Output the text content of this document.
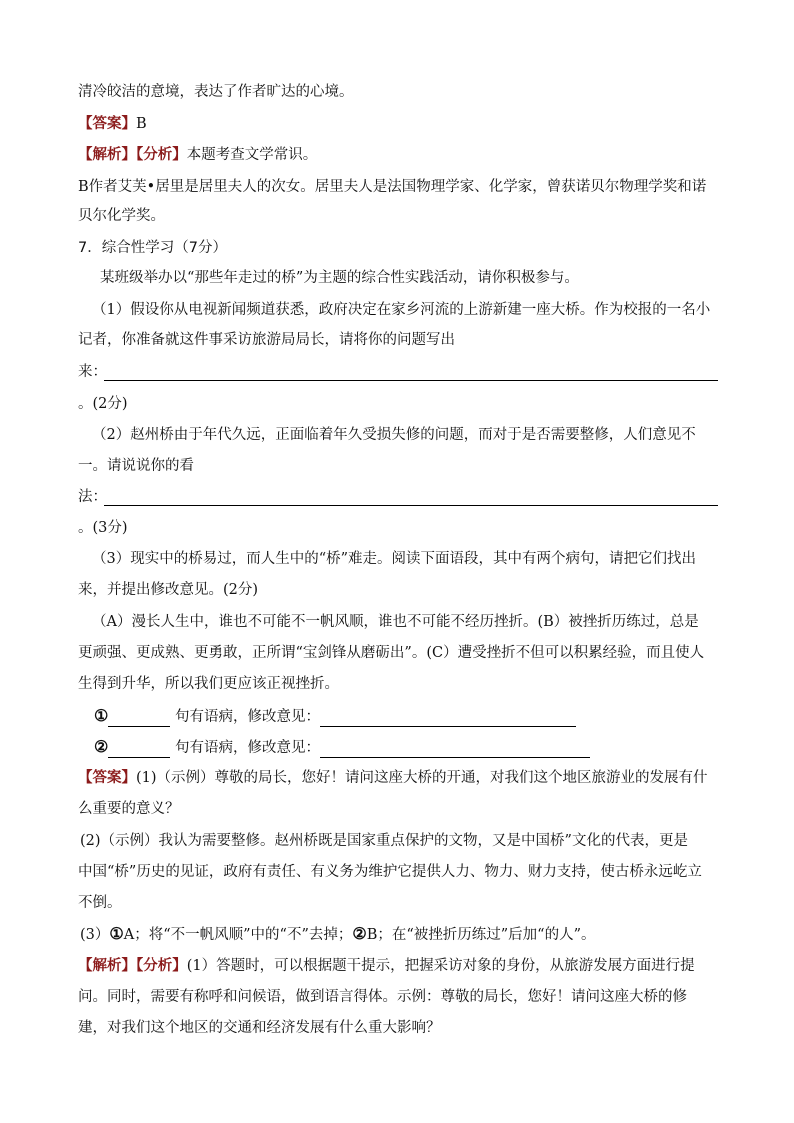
清冷皎洁的意境，表达了作者旷达的心境。
【答案】B
【解析】【分析】本题考查文学常识。
B作者艾芙•居里是居里夫人的次女。居里夫人是法国物理学家、化学家，曾获诺贝尔物理学奖和诺
贝尔化学奖。
7．综合性学习（7分）
某班级举办以“那些年走过的桥”为主题的综合性实践活动，请你积极参与。
（1）假设你从电视新闻频道获悉，政府决定在家乡河流的上游新建一座大桥。作为校报的一名小
记者，你准备就这件事采访旅游局局长，请将你的问题写出
来：
。(2分)
（2）赵州桥由于年代久远，正面临着年久受损失修的问题，而对于是否需要整修，人们意见不
一。请说说你的看
法：
。(3分)
（3）现实中的桥易过，而人生中的“桥”难走。阅读下面语段，其中有两个病句，请把它们找出
来，并提出修改意见。(2分)
（A）漫长人生中，谁也不可能不一帆风顺，谁也不可能不经历挫折。(B）被挫折历练过，总是
更顽强、更成熟、更勇敢，正所谓“宝剑锋从磨砺出”。(C）遭受挫折不但可以积累经验，而且使人
生得到升华，所以我们更应该正视挫折。
①	句有语病，修改意见：
②	句有语病，修改意见：
【答案】(1)（示例）尊敬的局长，您好！请问这座大桥的开通，对我们这个地区旅游业的发展有什
么重要的意义？
(2)（示例）我认为需要整修。赵州桥既是国家重点保护的文物，又是中国桥”文化的代表，更是
中国“桥”历史的见证，政府有责任、有义务为维护它提供人力、物力、财力支持，使古桥永远屹立
不倒。
(3）①A；将“不一帆风顺”中的“不”去掉；②B；在“被挫折历练过”后加“的人”。
【解析】【分析】(1）答题时，可以根据题干提示，把握采访对象的身份，从旅游发展方面进行提
问。同时，需要有称呼和问候语，做到语言得体。示例：尊敬的局长，您好！请问这座大桥的修
建，对我们这个地区的交通和经济发展有什么重大影响？
